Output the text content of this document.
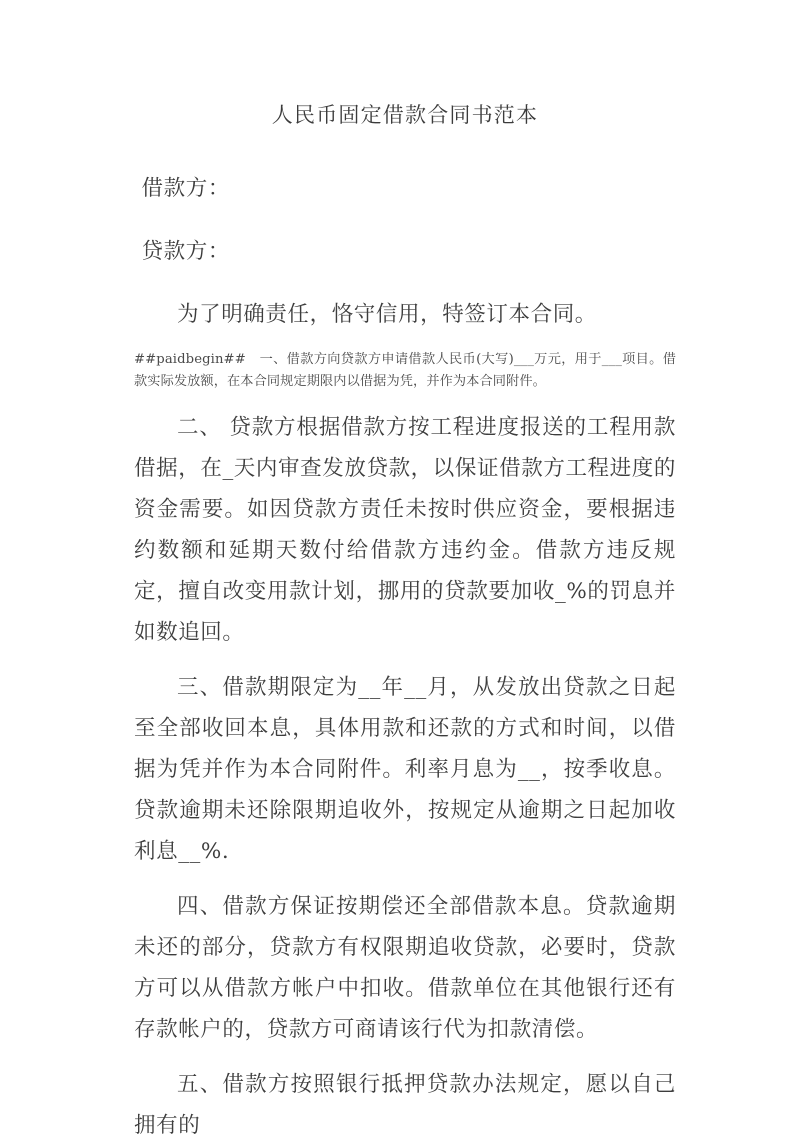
人民币固定借款合同书范本

借款方：

贷款方：

为了明确责任，恪守信用，特签订本合同。

##paidbegin##　一、借款方向贷款方申请借款人民币(大写)___万元，用于___项目。借款实际发放额，在本合同规定期限内以借据为凭，并作为本合同附件。

二、 贷款方根据借款方按工程进度报送的工程用款借据，在_天内审查发放贷款，以保证借款方工程进度的资金需要。如因贷款方责任未按时供应资金，要根据违约数额和延期天数付给借款方违约金。借款方违反规定，擅自改变用款计划，挪用的贷款要加收_%的罚息并如数追回。

三、借款期限定为__年__月，从发放出贷款之日起至全部收回本息，具体用款和还款的方式和时间，以借据为凭并作为本合同附件。利率月息为__，按季收息。贷款逾期未还除限期追收外，按规定从逾期之日起加收利息__%.

四、借款方保证按期偿还全部借款本息。贷款逾期未还的部分，贷款方有权限期追收贷款，必要时，贷款方可以从借款方帐户中扣收。借款单位在其他银行还有存款帐户的，贷款方可商请该行代为扣款清偿。

五、借款方按照银行抵押贷款办法规定，愿以自己拥有的
